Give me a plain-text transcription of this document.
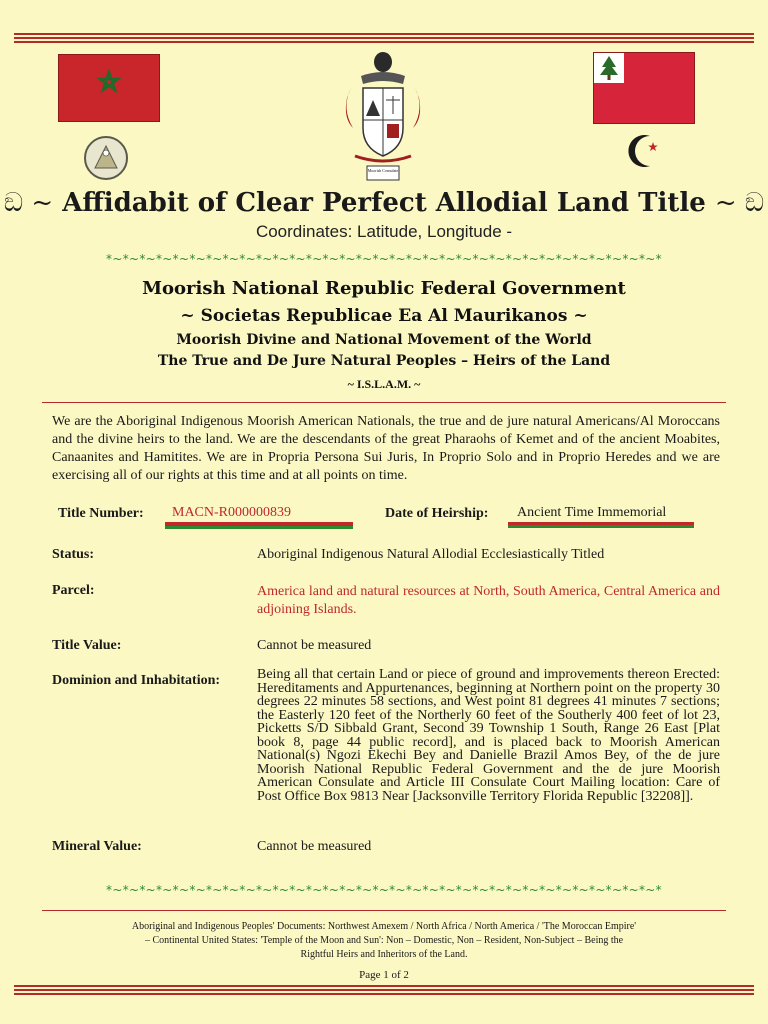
Moorish Consulate
ඞ ~ Affidabit of Clear Perfect Allodial Land Title ~ ඞ
Coordinates: Latitude, Longitude -
*~*~*~*~*~*~*~*~*~*~*~*~*~*~*~*~*~*~*~*~*~*~*~*~*~*~*~*~*~*~*~*~*~*
Moorish National Republic Federal Government
~ Societas Republicae Ea Al Maurikanos ~
Moorish Divine and National Movement of the World
The True and De Jure Natural Peoples – Heirs of the Land
~ I.S.L.A.M. ~
We are the Aboriginal Indigenous Moorish American Nationals, the true and de jure natural Americans/Al Moroccans and the divine heirs to the land. We are the descendants of the great Pharaohs of Kemet and of the ancient Moabites, Canaanites and Hamitites. We are in Propria Persona Sui Juris, In Proprio Solo and in Proprio Heredes and we are exercising all of our rights at this time and at all points on time.
Title Number:	MACN-R000000839	Date of Heirship:	Ancient Time Immemorial
Status:	Aboriginal Indigenous Natural Allodial Ecclesiastically Titled
Parcel:	America land and natural resources at North, South America, Central America and adjoining Islands.
Title Value:	Cannot be measured
Dominion and Inhabitation:	Being all that certain Land or piece of ground and improvements thereon Erected: Hereditaments and Appurtenances, beginning at Northern point on the property 30 degrees 22 minutes 58 sections, and West point 81 degrees 41 minutes 7 sections; the Easterly 120 feet of the Northerly 60 feet of the Southerly 400 feet of lot 23, Picketts S/D Sibbald Grant, Second 39 Township 1 South, Range 26 East [Plat book 8, page 44 public record], and is placed back to Moorish American National(s) Ngozi Ekechi Bey and Danielle Brazil Amos Bey, of the de jure Moorish National Republic Federal Government and the de jure Moorish American Consulate and Article III Consulate Court Mailing location: Care of Post Office Box 9813 Near [Jacksonville Territory Florida Republic [32208]].
Mineral Value:	Cannot be measured
*~*~*~*~*~*~*~*~*~*~*~*~*~*~*~*~*~*~*~*~*~*~*~*~*~*~*~*~*~*~*~*~*~*
Aboriginal and Indigenous Peoples' Documents: Northwest Amexem / North Africa / North America / 'The Moroccan Empire'
– Continental United States: 'Temple of the Moon and Sun': Non – Domestic, Non – Resident, Non-Subject – Being the
Rightful Heirs and Inheritors of the Land.
Page 1 of 2
